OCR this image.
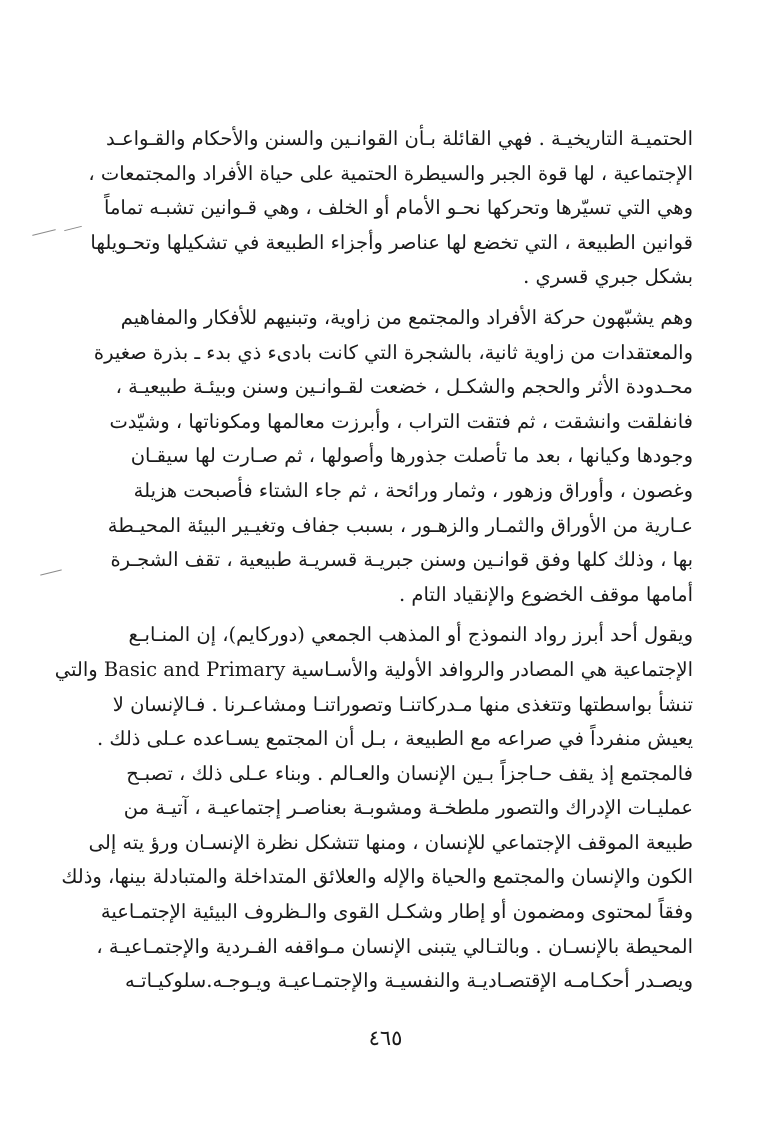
الحتميـة التاريخيـة . فهي القائلة بـأن القوانـين والسنن والأحكام والقـواعـد
الإجتماعية ، لها قوة الجبر والسيطرة الحتمية على حياة الأفراد والمجتمعات ،
وهي التي تسيّرها وتحركها نحـو الأمام أو الخلف ، وهي قـوانين تشبـه تماماً
قوانين الطبيعة ، التي تخضع لها عناصر وأجزاء الطبيعة في تشكيلها وتحـويلها
بشكل جبري قسري .

وهم يشبّهون حركة الأفراد والمجتمع من زاوية، وتبنيهم للأفكار والمفاهيم
والمعتقدات من زاوية ثانية، بالشجرة التي كانت بادىء ذي بدء ـ بذرة صغيرة
محـدودة الأثر والحجم والشكـل ، خضعت لقـوانـين وسنن وبيئـة طبيعيـة ،
فانفلقت وانشقت ، ثم فتقت التراب ، وأبرزت معالمها ومكوناتها ، وشيّدت
وجودها وكيانها ، بعد ما تأصلت جذورها وأصولها ، ثم صـارت لها سيقـان
وغصون ، وأوراق وزهور ، وثمار ورائحة ، ثم جاء الشتاء فأصبحت هزيلة
عـارية من الأوراق والثمـار والزهـور ، بسبب جفاف وتغيـير البيئة المحيـطة
بها ، وذلك كلها وفق قوانـين وسنن جبريـة قسريـة طبيعية ، تقف الشجـرة
أمامها موقف الخضوع والإنقياد التام .

ويقول أحد أبرز رواد النموذج أو المذهب الجمعي (دوركايم)، إن المنـابـع
الإجتماعية هي المصادر والروافد الأولية والأسـاسية Basic and Primary والتي
تنشأ بواسطتها وتتغذى منها مـدركاتنـا وتصوراتنـا ومشاعـرنا . فـالإنسان لا
يعيش منفرداً في صراعه مع الطبيعة ، بـل أن المجتمع يسـاعده عـلى ذلك .
فالمجتمع إذ يقف حـاجزاً بـين الإنسان والعـالم . وبناء عـلى ذلك ، تصبـح
عمليـات الإدراك والتصور ملطخـة ومشوبـة بعناصـر إجتماعيـة ، آتيـة من
طبيعة الموقف الإجتماعي للإنسان ، ومنها تتشكل نظرة الإنسـان ورؤ يته إلى
الكون والإنسان والمجتمع والحياة والإله والعلائق المتداخلة والمتبادلة بينها، وذلك
وفقاً لمحتوى ومضمون أو إطار وشكـل القوى والـظروف البيئية الإجتمـاعية
المحيطة بالإنسـان . وبالتـالي يتبنى الإنسان مـواقفه الفـردية والإجتمـاعيـة ،
ويصـدر أحكـامـه الإقتصـاديـة والنفسيـة والإجتمـاعيـة ويـوجـه.سلوكيـاتـه

٤٦٥
